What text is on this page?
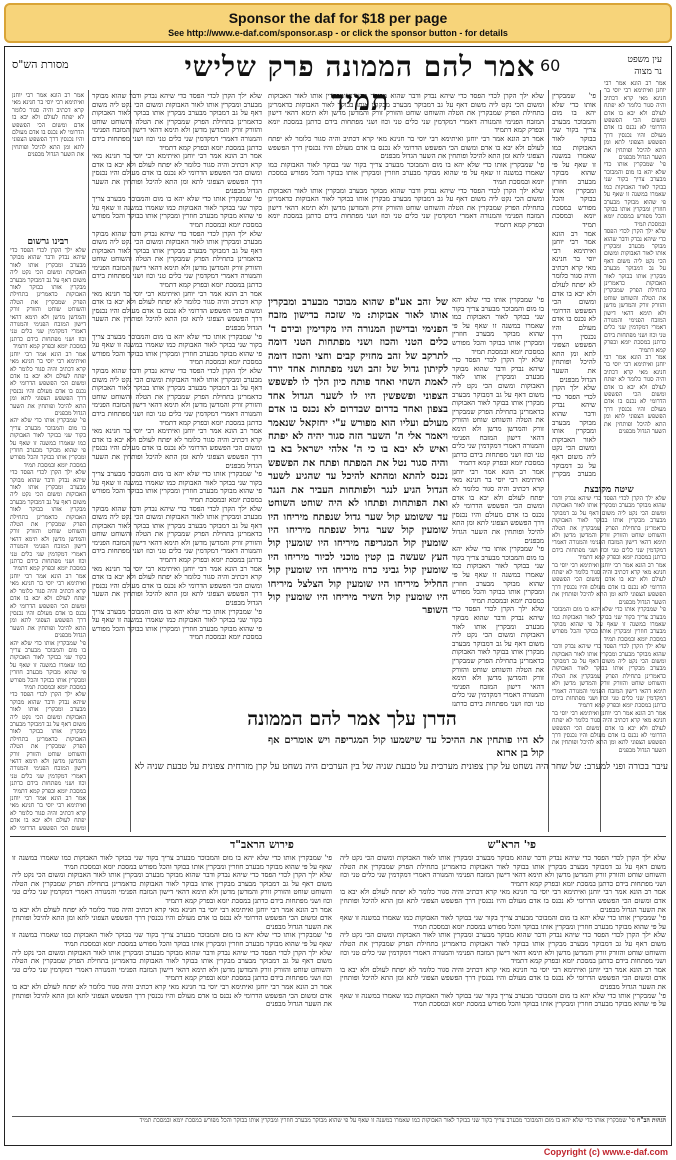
Sponsor the daf for $18 per page
See http://www.e-daf.com/sponsor.asp - or click the sponsor button - for details
אמר להם הממונה פרק שלישי תמיד
60
מסורת הש"ס	עין משפט
נר מצוה

אמר רב הונא אמר רבי יוחנן ואיתימא רבי יוסי בר חנינא מאי קרא דכתיב והיה סגור כלומר לא יפתח לעולם ולא יבא בו אדם ומשום הכי הפשפש הדרומי לא נכנס בו אדם מעולם והיו נכנסין דרך הפשפש הצפוני לתא ומן התא להיכל ופותחין את השער הגדול מבפנים

רבינו גרשום

שלא ילך הקרן לכדי הפסד כדי שיהא נבדק ודבר שהוא מבוקר מבערב ומבקרין אותו לאור האבוקות ומשום הכי נקט ליה משום דאף על גב דמבוקר מבערב מבקרין אותו בבוקר לאור האבוקות כדאמרינן בתחילת הפרק שמבקרין את הטלה והשוחט שוחט והזורק זורק והמדשן מדשן ולא תימא דהאי דישון המזבח הפנימי והמנורה דאמרי דמקדמין שני כלים טני וכוז ושני מפתחות בידם כדתנן במסכת יומא ובפרק קמא דתמיד

אמר רב הונא אמר רבי יוחנן ואיתימא רבי יוסי בר חנינא מאי קרא דכתיב והיה סגור כלומר לא יפתח לעולם ולא יבא בו אדם ומשום הכי הפשפש הדרומי לא נכנס בו אדם מעולם והיו נכנסין דרך הפשפש הצפוני לתא ומן התא להיכל ופותחין את השער הגדול מבפנים

פי' שמבקרין אותו כדי שלא יהא בו מום והמבוכר מבערב צריך בקור שני בבוקר לאור האבוקות כמו שאמרו במשנה זו שאף על פי שהוא מבוקר מבערב חוזרין ומבקרין אותו בבוקר והכל מפורש במסכת יומא ובמסכת תמיד

שלא ילך הקרן לכדי הפסד כדי שיהא נבדק ודבר שהוא מבוקר מבערב ומבקרין אותו לאור האבוקות ומשום הכי נקט ליה משום דאף על גב דמבוקר מבערב מבקרין אותו בבוקר לאור האבוקות כדאמרינן בתחילת הפרק שמבקרין את הטלה והשוחט שוחט והזורק זורק והמדשן מדשן ולא תימא דהאי דישון המזבח הפנימי והמנורה דאמרי דמקדמין שני כלים טני וכוז ושני מפתחות בידם כדתנן במסכת יומא ובפרק קמא דתמיד

אמר רב הונא אמר רבי יוחנן ואיתימא רבי יוסי בר חנינא מאי קרא דכתיב והיה סגור כלומר לא יפתח לעולם ולא יבא בו אדם ומשום הכי הפשפש הדרומי לא נכנס בו אדם מעולם והיו נכנסין דרך הפשפש הצפוני לתא ומן התא להיכל ופותחין את השער הגדול מבפנים

פי' שמבקרין אותו כדי שלא יהא בו מום והמבוכר מבערב צריך בקור שני בבוקר לאור האבוקות כמו שאמרו במשנה זו שאף על פי שהוא מבוקר מבערב חוזרין ומבקרין אותו בבוקר והכל מפורש במסכת יומא ובמסכת תמיד

שלא ילך הקרן לכדי הפסד כדי שיהא נבדק ודבר שהוא מבוקר מבערב ומבקרין אותו לאור האבוקות ומשום הכי נקט ליה משום דאף על גב דמבוקר מבערב מבקרין אותו בבוקר לאור האבוקות כדאמרינן בתחילת הפרק שמבקרין את הטלה והשוחט שוחט והזורק זורק והמדשן מדשן ולא תימא דהאי דישון המזבח הפנימי והמנורה דאמרי דמקדמין שני כלים טני וכוז ושני מפתחות בידם כדתנן במסכת יומא ובפרק קמא דתמיד

אמר רב הונא אמר רבי יוחנן ואיתימא רבי יוסי בר חנינא מאי קרא דכתיב והיה סגור כלומר לא יפתח לעולם ולא יבא בו אדם ומשום הכי הפשפש הדרומי לא

שלא ילך הקרן לכדי הפסד כדי שיהא נבדק ודבר שהוא מבוקר מבערב ומבקרין אותו לאור האבוקות ומשום הכי נקט ליה משום דאף על גב דמבוקר מבערב מבקרין אותו בבוקר לאור האבוקות כדאמרינן בתחילת הפרק שמבקרין את הטלה והשוחט שוחט והזורק זורק והמדשן מדשן ולא תימא דהאי דישון המזבח הפנימי והמנורה דאמרי דמקדמין שני כלים טני וכוז ושני מפתחות בידם כדתנן במסכת יומא ובפרק קמא דתמיד

אמר רב הונא אמר רבי יוחנן ואיתימא רבי יוסי בר חנינא מאי קרא דכתיב והיה סגור כלומר לא יפתח לעולם ולא יבא בו אדם ומשום הכי הפשפש הדרומי לא נכנס בו אדם מעולם והיו נכנסין דרך הפשפש הצפוני לתא ומן התא להיכל ופותחין את השער הגדול מבפנים

פי' שמבקרין אותו כדי שלא יהא בו מום והמבוכר מבערב צריך בקור שני בבוקר לאור האבוקות כמו שאמרו במשנה זו שאף על פי שהוא מבוקר מבערב חוזרין ומבקרין אותו בבוקר והכל מפורש במסכת יומא ובמסכת תמיד

שלא ילך הקרן לכדי הפסד כדי שיהא נבדק ודבר שהוא מבוקר מבערב ומבקרין אותו לאור האבוקות ומשום הכי נקט ליה משום דאף על גב דמבוקר מבערב מבקרין אותו בבוקר לאור האבוקות כדאמרינן בתחילת הפרק שמבקרין את הטלה והשוחט שוחט והזורק זורק והמדשן מדשן ולא תימא דהאי דישון המזבח הפנימי והמנורה דאמרי דמקדמין שני כלים טני וכוז ושני מפתחות בידם כדתנן במסכת יומא ובפרק קמא דתמיד

אמר רב הונא אמר רבי יוחנן ואיתימא רבי יוסי בר חנינא מאי קרא דכתיב והיה סגור כלומר לא יפתח לעולם ולא יבא בו אדם ומשום הכי הפשפש הדרומי לא נכנס בו אדם מעולם והיו נכנסין דרך הפשפש הצפוני לתא ומן התא להיכל ופותחין את השער הגדול מבפנים

פי' שמבקרין אותו כדי שלא יהא בו מום והמבוכר מבערב צריך בקור שני בבוקר לאור האבוקות כמו שאמרו במשנה זו שאף על פי שהוא מבוקר מבערב חוזרין ומבקרין אותו בבוקר והכל מפורש במסכת יומא ובמסכת תמיד

שלא ילך הקרן לכדי הפסד כדי שיהא נבדק ודבר שהוא מבוקר מבערב ומבקרין אותו לאור האבוקות ומשום הכי נקט ליה משום דאף על גב דמבוקר מבערב מבקרין אותו בבוקר לאור האבוקות כדאמרינן בתחילת הפרק שמבקרין את הטלה והשוחט שוחט והזורק זורק והמדשן מדשן ולא תימא דהאי דישון המזבח הפנימי והמנורה דאמרי דמקדמין שני כלים טני וכוז ושני מפתחות בידם כדתנן במסכת יומא ובפרק קמא דתמיד

אמר רב הונא אמר רבי יוחנן ואיתימא רבי יוסי בר חנינא מאי קרא דכתיב והיה סגור כלומר לא יפתח לעולם ולא יבא בו אדם ומשום הכי הפשפש הדרומי לא נכנס בו אדם מעולם והיו נכנסין דרך הפשפש הצפוני לתא ומן התא להיכל ופותחין את השער הגדול מבפנים

פי' שמבקרין אותו כדי שלא יהא בו מום והמבוכר מבערב צריך בקור שני בבוקר לאור האבוקות כמו שאמרו במשנה זו שאף על פי שהוא מבוקר מבערב חוזרין ומבקרין אותו בבוקר והכל מפורש במסכת יומא ובמסכת תמיד

שלא ילך הקרן לכדי הפסד כדי שיהא נבדק ודבר שהוא מבוקר מבערב ומבקרין אותו לאור האבוקות ומשום הכי נקט ליה משום דאף על גב דמבוקר מבערב מבקרין אותו בבוקר לאור האבוקות כדאמרינן בתחילת הפרק שמבקרין את הטלה והשוחט שוחט והזורק זורק והמדשן מדשן ולא תימא דהאי דישון המזבח הפנימי והמנורה דאמרי דמקדמין שני כלים טני וכוז ושני מפתחות בידם כדתנן במסכת יומא ובפרק קמא דתמיד

אמר רב הונא אמר רבי יוחנן ואיתימא רבי יוסי בר חנינא מאי קרא דכתיב והיה סגור כלומר לא יפתח לעולם ולא יבא בו אדם ומשום הכי הפשפש הדרומי לא נכנס בו אדם מעולם והיו נכנסין דרך הפשפש הצפוני לתא ומן התא להיכל ופותחין את השער הגדול מבפנים

פי' שמבקרין אותו כדי שלא יהא בו מום והמבוכר מבערב צריך בקור שני בבוקר לאור האבוקות כמו שאמרו במשנה זו שאף על פי שהוא מבוקר מבערב חוזרין ומבקרין אותו בבוקר והכל מפורש במסכת יומא ובמסכת תמיד

שלא ילך הקרן לכדי הפסד כדי שיהא נבדק ודבר שהוא מבוקר מבערב ומבקרין אותו לאור האבוקות ומשום הכי נקט ליה משום דאף על גב דמבוקר מבערב מבקרין אותו בבוקר לאור האבוקות כדאמרינן בתחילת הפרק שמבקרין את הטלה והשוחט שוחט והזורק זורק והמדשן מדשן ולא תימא דהאי דישון המזבח הפנימי והמנורה דאמרי דמקדמין שני כלים טני וכוז ושני מפתחות בידם כדתנן במסכת יומא ובפרק קמא דתמיד

אמר רב הונא אמר רבי יוחנן ואיתימא רבי יוסי בר חנינא מאי קרא דכתיב והיה סגור כלומר לא יפתח לעולם ולא יבא בו אדם ומשום הכי הפשפש הדרומי לא נכנס בו אדם מעולם והיו נכנסין דרך הפשפש הצפוני לתא ומן התא להיכל ופותחין את השער הגדול מבפנים

פי' שמבקרין אותו כדי שלא יהא בו מום והמבוכר מבערב צריך בקור שני בבוקר לאור האבוקות כמו שאמרו במשנה זו שאף על פי שהוא מבוקר מבערב חוזרין ומבקרין אותו בבוקר והכל מפורש במסכת יומא ובמסכת תמיד

שלא ילך הקרן לכדי הפסד כדי שיהא נבדק ודבר שהוא מבוקר מבערב ומבקרין אותו לאור האבוקות ומשום הכי נקט ליה משום דאף על גב דמבוקר מבערב מבקרין אותו בבוקר לאור האבוקות כדאמרינן בתחילת הפרק שמבקרין את הטלה והשוחט שוחט והזורק זורק והמדשן מדשן ולא תימא דהאי דישון המזבח הפנימי והמנורה דאמרי דמקדמין שני כלים טני וכוז ושני מפתחות בידם כדתנן במסכת יומא ובפרק קמא דתמיד

של זהב אע"פ שהוא מבוכר מבערב ומבקרין אותו לאור אבוקות: מי שזכה בדישון מזבח הפנימי ובדישון המנורה היו מקדימין ובידם ד' כלים הטני והכוז ושני מפתחות הטני דומה לתרקב של זהב מחזיק קבים וחצי והכוז דומה לקיתון גדול של זהב ושני מפתחות אחד יורד לאמת השחי ואחד פותח כיון הלך לו לפשפש הצפוני ופשפשין היו לו לשער הגדול אחד בצפון ואחד בדרום שבדרום לא נכנס בו אדם מעולם ועליו הוא מפורש ע"י יחזקאל שנאמר ויאמר אלי ה' השער הזה סגור יהיה לא יפתח ואיש לא יבא בו כי ה' אלהי ישראל בא בו והיה סגור נטל את המפתח ופתח את הפשפש נכנס להתא ומהתא להיכל עד שהגיע לשער הגדול הגיע לנגר ולפותחות העביר את הנגר ואת הפותחות ופתחו לא היה שוחט השוחט עד ששומע קול שער גדול שנפתח מיריחו היו שומעין קול שער גדול שנפתח מיריחו היו שומעין קול המגריפה מיריחו היו שומעין קול העץ שעשה בן קטין מוכני לכיור מיריחו היו שומעין קול גביני כרוז מיריחו היו שומעין קול החליל מיריחו היו שומעין קול הצלצל מיריחו היו שומעין קול השיר מיריחו היו שומעין קול השופר

פי' שמבקרין אותו כדי שלא יהא בו מום והמבוכר מבערב צריך בקור שני בבוקר לאור האבוקות כמו שאמרו במשנה זו שאף על פי שהוא מבוקר מבערב חוזרין ומבקרין אותו בבוקר והכל מפורש במסכת יומא ובמסכת תמיד

שלא ילך הקרן לכדי הפסד כדי שיהא נבדק ודבר שהוא מבוקר מבערב ומבקרין אותו לאור האבוקות ומשום הכי נקט ליה משום דאף על גב דמבוקר מבערב מבקרין אותו בבוקר לאור האבוקות כדאמרינן בתחילת הפרק שמבקרין את הטלה והשוחט שוחט והזורק זורק והמדשן מדשן ולא תימא דהאי דישון המזבח הפנימי והמנורה דאמרי דמקדמין שני כלים טני וכוז ושני מפתחות בידם כדתנן במסכת יומא ובפרק קמא דתמיד

אמר רב הונא אמר רבי יוחנן ואיתימא רבי יוסי בר חנינא מאי קרא דכתיב והיה סגור כלומר לא יפתח לעולם ולא יבא בו אדם ומשום הכי הפשפש הדרומי לא נכנס בו אדם מעולם והיו נכנסין דרך הפשפש הצפוני לתא ומן התא להיכל ופותחין את השער הגדול מבפנים

פי' שמבקרין אותו כדי שלא יהא בו מום והמבוכר מבערב צריך בקור שני בבוקר לאור האבוקות כמו שאמרו במשנה זו שאף על פי שהוא מבוקר מבערב חוזרין ומבקרין אותו בבוקר והכל מפורש במסכת יומא ובמסכת תמיד

שלא ילך הקרן לכדי הפסד כדי שיהא נבדק ודבר שהוא מבוקר מבערב ומבקרין אותו לאור האבוקות ומשום הכי נקט ליה משום דאף על גב דמבוקר מבערב מבקרין אותו בבוקר לאור האבוקות כדאמרינן בתחילת הפרק שמבקרין את הטלה והשוחט שוחט והזורק זורק והמדשן מדשן ולא תימא דהאי דישון המזבח הפנימי והמנורה דאמרי דמקדמין שני כלים טני וכוז ושני מפתחות בידם כדתנן

הדרן עלך אמר להם הממונה

לא היו פותחין את ההיכל עד שישמעו קול המגריפה ויש אומרים אף קול בן ארזא

אמר רב הונא אמר רבי יוחנן ואיתימא רבי יוסי בר חנינא מאי קרא דכתיב והיה סגור כלומר לא יפתח לעולם ולא יבא בו אדם ומשום הכי הפשפש הדרומי לא נכנס בו אדם מעולם והיו נכנסין דרך הפשפש הצפוני לתא ומן התא להיכל ופותחין את השער הגדול מבפנים

פי' שמבקרין אותו כדי שלא יהא בו מום והמבוכר מבערב צריך בקור שני בבוקר לאור האבוקות כמו שאמרו במשנה זו שאף על פי שהוא מבוקר מבערב חוזרין ומבקרין אותו בבוקר והכל מפורש במסכת יומא ובמסכת תמיד

שלא ילך הקרן לכדי הפסד כדי שיהא נבדק ודבר שהוא מבוקר מבערב ומבקרין אותו לאור האבוקות ומשום הכי נקט ליה משום דאף על גב דמבוקר מבערב מבקרין אותו בבוקר לאור האבוקות כדאמרינן בתחילת הפרק שמבקרין את הטלה והשוחט שוחט והזורק זורק והמדשן מדשן ולא תימא דהאי דישון המזבח הפנימי והמנורה דאמרי דמקדמין שני כלים טני וכוז ושני מפתחות בידם כדתנן במסכת יומא ובפרק קמא דתמיד

אמר רב הונא אמר רבי יוחנן ואיתימא רבי יוסי בר חנינא מאי קרא דכתיב והיה סגור כלומר לא יפתח לעולם ולא יבא בו אדם ומשום הכי הפשפש הדרומי לא נכנס בו אדם מעולם והיו נכנסין דרך הפשפש הצפוני לתא ומן התא להיכל ופותחין את השער הגדול מבפנים

שיטה מקובצת

שלא ילך הקרן לכדי הפסד כדי שיהא נבדק ודבר שהוא מבוקר מבערב ומבקרין אותו לאור האבוקות ומשום הכי נקט ליה משום דאף על גב דמבוקר מבערב מבקרין אותו בבוקר לאור האבוקות כדאמרינן בתחילת הפרק שמבקרין את הטלה והשוחט שוחט והזורק זורק והמדשן מדשן ולא תימא דהאי דישון המזבח הפנימי והמנורה דאמרי דמקדמין שני כלים טני וכוז ושני מפתחות בידם כדתנן במסכת יומא ובפרק קמא דתמיד

אמר רב הונא אמר רבי יוחנן ואיתימא רבי יוסי בר חנינא מאי קרא דכתיב והיה סגור כלומר לא יפתח לעולם ולא יבא בו אדם ומשום הכי הפשפש הדרומי לא נכנס בו אדם מעולם והיו נכנסין דרך הפשפש הצפוני לתא ומן התא להיכל ופותחין את השער הגדול מבפנים

פי' שמבקרין אותו כדי שלא יהא בו מום והמבוכר מבערב צריך בקור שני בבוקר לאור האבוקות כמו שאמרו במשנה זו שאף על פי שהוא מבוקר מבערב חוזרין ומבקרין אותו בבוקר והכל מפורש במסכת יומא ובמסכת תמיד

שלא ילך הקרן לכדי הפסד כדי שיהא נבדק ודבר שהוא מבוקר מבערב ומבקרין אותו לאור האבוקות ומשום הכי נקט ליה משום דאף על גב דמבוקר מבערב מבקרין אותו בבוקר לאור האבוקות כדאמרינן בתחילת הפרק שמבקרין את הטלה והשוחט שוחט והזורק זורק והמדשן מדשן ולא תימא דהאי דישון המזבח הפנימי והמנורה דאמרי דמקדמין שני כלים טני וכוז ושני מפתחות בידם כדתנן במסכת יומא ובפרק קמא דתמיד

אמר רב הונא אמר רבי יוחנן ואיתימא רבי יוסי בר חנינא מאי קרא דכתיב והיה סגור כלומר לא יפתח לעולם ולא יבא בו אדם ומשום הכי הפשפש הדרומי לא נכנס בו אדם מעולם והיו נכנסין דרך הפשפש הצפוני לתא ומן התא להיכל ופותחין את השער הגדול מבפנים

פי' שמבקרין אותו כדי שלא יהא בו מום והמבוכר מבערב צריך בקור שני בבוקר לאור האבוקות כמו שאמרו במשנה זו שאף על פי שהוא מבוקר מבערב חוזרין ומבקרין אותו בבוקר והכל מפורש במסכת יומא ובמסכת תמיד

אמר רב הונא אמר רבי יוחנן ואיתימא רבי יוסי בר חנינא מאי קרא דכתיב והיה סגור כלומר לא יפתח לעולם ולא יבא בו אדם ומשום הכי הפשפש הדרומי לא נכנס בו אדם מעולם והיו נכנסין דרך הפשפש הצפוני לתא ומן התא להיכל ופותחין את השער הגדול מבפנים

שלא ילך הקרן לכדי הפסד כדי שיהא נבדק ודבר שהוא מבוקר מבערב ומבקרין אותו לאור האבוקות ומשום הכי נקט ליה משום דאף על גב דמבוקר מבערב מבקרין

עיבר בכורה ופני למערב: של שחר היה נשחט על קרן צפונית מערבית על טבעת שניה של בין הערבים היה נשחט על קרן מזרחית צפונית על טבעת שניה לא
פירוש הראב"ד	פי' הרא"ש

פי' שמבקרין אותו כדי שלא יהא בו מום והמבוכר מבערב צריך בקור שני בבוקר לאור האבוקות כמו שאמרו במשנה זו שאף על פי שהוא מבוקר מבערב חוזרין ומבקרין אותו בבוקר והכל מפורש במסכת יומא ובמסכת תמיד

שלא ילך הקרן לכדי הפסד כדי שיהא נבדק ודבר שהוא מבוקר מבערב ומבקרין אותו לאור האבוקות ומשום הכי נקט ליה משום דאף על גב דמבוקר מבערב מבקרין אותו בבוקר לאור האבוקות כדאמרינן בתחילת הפרק שמבקרין את הטלה והשוחט שוחט והזורק זורק והמדשן מדשן ולא תימא דהאי דישון המזבח הפנימי והמנורה דאמרי דמקדמין שני כלים טני וכוז ושני מפתחות בידם כדתנן במסכת יומא ובפרק קמא דתמיד

אמר רב הונא אמר רבי יוחנן ואיתימא רבי יוסי בר חנינא מאי קרא דכתיב והיה סגור כלומר לא יפתח לעולם ולא יבא בו אדם ומשום הכי הפשפש הדרומי לא נכנס בו אדם מעולם והיו נכנסין דרך הפשפש הצפוני לתא ומן התא להיכל ופותחין את השער הגדול מבפנים

פי' שמבקרין אותו כדי שלא יהא בו מום והמבוכר מבערב צריך בקור שני בבוקר לאור האבוקות כמו שאמרו במשנה זו שאף על פי שהוא מבוקר מבערב חוזרין ומבקרין אותו בבוקר והכל מפורש במסכת יומא ובמסכת תמיד

שלא ילך הקרן לכדי הפסד כדי שיהא נבדק ודבר שהוא מבוקר מבערב ומבקרין אותו לאור האבוקות ומשום הכי נקט ליה משום דאף על גב דמבוקר מבערב מבקרין אותו בבוקר לאור האבוקות כדאמרינן בתחילת הפרק שמבקרין את הטלה והשוחט שוחט והזורק זורק והמדשן מדשן ולא תימא דהאי דישון המזבח הפנימי והמנורה דאמרי דמקדמין שני כלים טני וכוז ושני מפתחות בידם כדתנן במסכת יומא ובפרק קמא דתמיד

אמר רב הונא אמר רבי יוחנן ואיתימא רבי יוסי בר חנינא מאי קרא דכתיב והיה סגור כלומר לא יפתח לעולם ולא יבא בו אדם ומשום הכי הפשפש הדרומי לא נכנס בו אדם מעולם והיו נכנסין דרך הפשפש הצפוני לתא ומן התא להיכל ופותחין את השער הגדול מבפנים

שלא ילך הקרן לכדי הפסד כדי שיהא נבדק ודבר שהוא מבוקר מבערב ומבקרין אותו לאור האבוקות ומשום הכי נקט ליה משום דאף על גב דמבוקר מבערב מבקרין אותו בבוקר לאור האבוקות כדאמרינן בתחילת הפרק שמבקרין את הטלה והשוחט שוחט והזורק זורק והמדשן מדשן ולא תימא דהאי דישון המזבח הפנימי והמנורה דאמרי דמקדמין שני כלים טני וכוז ושני מפתחות בידם כדתנן במסכת יומא ובפרק קמא דתמיד

אמר רב הונא אמר רבי יוחנן ואיתימא רבי יוסי בר חנינא מאי קרא דכתיב והיה סגור כלומר לא יפתח לעולם ולא יבא בו אדם ומשום הכי הפשפש הדרומי לא נכנס בו אדם מעולם והיו נכנסין דרך הפשפש הצפוני לתא ומן התא להיכל ופותחין את השער הגדול מבפנים

פי' שמבקרין אותו כדי שלא יהא בו מום והמבוכר מבערב צריך בקור שני בבוקר לאור האבוקות כמו שאמרו במשנה זו שאף על פי שהוא מבוקר מבערב חוזרין ומבקרין אותו בבוקר והכל מפורש במסכת יומא ובמסכת תמיד

שלא ילך הקרן לכדי הפסד כדי שיהא נבדק ודבר שהוא מבוקר מבערב ומבקרין אותו לאור האבוקות ומשום הכי נקט ליה משום דאף על גב דמבוקר מבערב מבקרין אותו בבוקר לאור האבוקות כדאמרינן בתחילת הפרק שמבקרין את הטלה והשוחט שוחט והזורק זורק והמדשן מדשן ולא תימא דהאי דישון המזבח הפנימי והמנורה דאמרי דמקדמין שני כלים טני וכוז ושני מפתחות בידם כדתנן במסכת יומא ובפרק קמא דתמיד

אמר רב הונא אמר רבי יוחנן ואיתימא רבי יוסי בר חנינא מאי קרא דכתיב והיה סגור כלומר לא יפתח לעולם ולא יבא בו אדם ומשום הכי הפשפש הדרומי לא נכנס בו אדם מעולם והיו נכנסין דרך הפשפש הצפוני לתא ומן התא להיכל ופותחין את השער הגדול מבפנים

פי' שמבקרין אותו כדי שלא יהא בו מום והמבוכר מבערב צריך בקור שני בבוקר לאור האבוקות כמו שאמרו במשנה זו שאף על פי שהוא מבוקר מבערב חוזרין ומבקרין אותו בבוקר והכל מפורש במסכת יומא ובמסכת תמיד

הגהות הב"ח פי' שמבקרין אותו כדי שלא יהא בו מום והמבוכר מבערב צריך בקור שני בבוקר לאור האבוקות כמו שאמרו במשנה זו שאף על פי שהוא מבוקר מבערב חוזרין ומבקרין אותו בבוקר והכל מפורש במסכת יומא ובמסכת תמיד
Copyright (c) www.e-daf.com
